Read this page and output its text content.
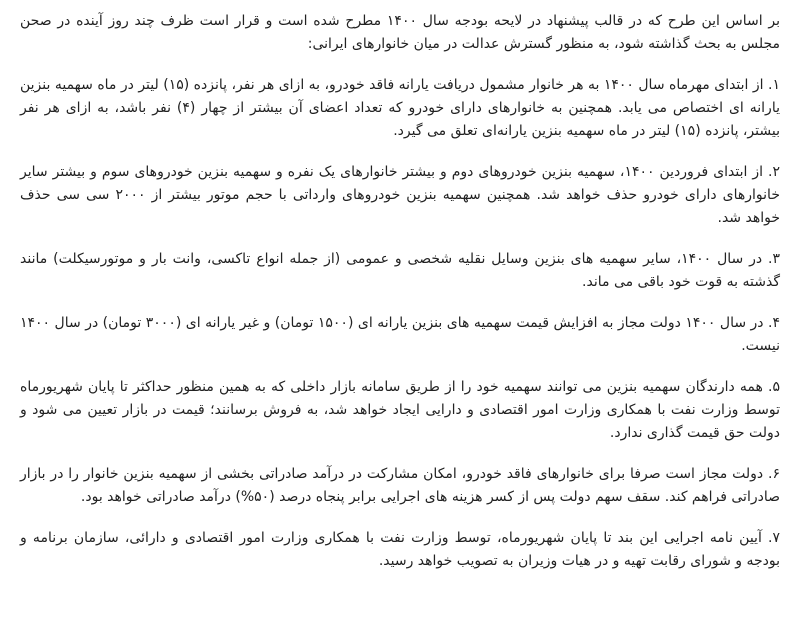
بر اساس این طرح که در قالب پیشنهاد در لایحه بودجه سال ۱۴۰۰ مطرح شده است و قرار است ظرف چند روز آینده در صحن مجلس به بحث گذاشته شود، به منظور گسترش عدالت در میان خانوارهای ایرانی:

۱. از ابتدای مهرماه سال ۱۴۰۰ به هر خانوار مشمول دریافت یارانه فاقد خودرو، به ازای هر نفر، پانزده (۱۵) لیتر در ماه سهمیه بنزین یارانه ای اختصاص می یابد. همچنین به خانوارهای دارای خودرو که تعداد اعضای آن بیشتر از چهار (۴) نفر باشد، به ازای هر نفر بیشتر، پانزده (۱۵) لیتر در ماه سهمیه بنزین یارانه‌ای تعلق می گیرد.

۲. از ابتدای فروردین ۱۴۰۰، سهمیه بنزین خودروهای دوم و بیشتر خانوارهای یک نفره و سهمیه بنزین خودروهای سوم و بیشتر سایر خانوارهای دارای خودرو حذف خواهد شد. همچنین سهمیه بنزین خودروهای وارداتی با حجم موتور بیشتر از ۲۰۰۰ سی سی حذف خواهد شد.

۳. در سال ۱۴۰۰، سایر سهمیه های بنزین وسایل نقلیه شخصی و عمومی (از جمله انواع تاکسی، وانت بار و موتورسیکلت) مانند گذشته به قوت خود باقی می ماند.

۴. در سال ۱۴۰۰ دولت مجاز به افزایش قیمت سهمیه های بنزین یارانه ای (۱۵۰۰ تومان) و غیر یارانه ای (۳۰۰۰ تومان) در سال ۱۴۰۰ نیست.

۵. همه دارندگان سهمیه بنزین می توانند سهمیه خود را از طریق سامانه بازار داخلی که به همین منظور حداکثر تا پایان شهریورماه توسط وزارت نفت با همکاری وزارت امور اقتصادی و دارایی ایجاد خواهد شد، به فروش برسانند؛ قیمت در بازار تعیین می شود و دولت حق قیمت گذاری ندارد.

۶. دولت مجاز است صرفا برای خانوارهای فاقد خودرو، امکان مشارکت در درآمد صادراتی بخشی از سهمیه بنزین خانوار را در بازار صادراتی فراهم کند. سقف سهم دولت پس از کسر هزینه های اجرایی برابر پنجاه درصد (۵۰%) درآمد صادراتی خواهد بود.

۷. آیین نامه اجرایی این بند تا پایان شهریورماه، توسط وزارت نفت با همکاری وزارت امور اقتصادی و دارائی، سازمان برنامه و بودجه و شورای رقابت تهیه و در هیات وزیران به تصویب خواهد رسید.
